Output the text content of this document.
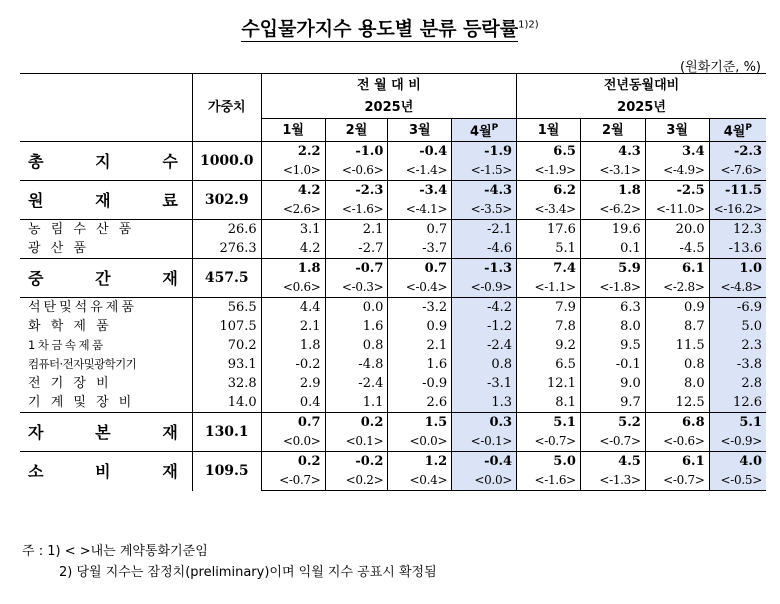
수입물가지수 용도별 분류 등락률$^{1)2)}$
(원화기준, %)
	가중치	전 월 대 비				전년동월대비			
		2025년				2025년			
		1월	2월	3월	4월$^P$	1월	2월	3월	4월$^P$

총 지 수	1000.0	2.2	-1.0	-0.4	-1.9	6.5	4.3	3.4	-2.3
		<1.0>	<-0.6>	<-1.4>	<-1.5>	<-1.9>	<-3.1>	<-4.9>	<-7.6>

원 재 료	302.9	4.2	-2.3	-3.4	-4.3	6.2	1.8	-2.5	-11.5
		<2.6>	<-1.6>	<-4.1>	<-3.5>	<-3.4>	<-6.2>	<-11.0>	<-16.2>
농 림 수 산 품	26.6	3.1	2.1	0.7	-2.1	17.6	19.6	20.0	12.3
광 산 품	276.3	4.2	-2.7	-3.7	-4.6	5.1	0.1	-4.5	-13.6

중 간 재	457.5	1.8	-0.7	0.7	-1.3	7.4	5.9	6.1	1.0
		<0.6>	<-0.3>	<-0.4>	<-0.9>	<-1.1>	<-1.8>	<-2.8>	<-4.8>
석탄및석유제품	56.5	4.4	0.0	-3.2	-4.2	7.9	6.3	0.9	-6.9
화 학 제 품	107.5	2.1	1.6	0.9	-1.2	7.8	8.0	8.7	5.0
1 차 금 속 제 품	70.2	1.8	0.8	2.1	-2.4	9.2	9.5	11.5	2.3
컴퓨터·전자및광학기기	93.1	-0.2	-4.8	1.6	0.8	6.5	-0.1	0.8	-3.8
전 기 장 비	32.8	2.9	-2.4	-0.9	-3.1	12.1	9.0	8.0	2.8
기 계 및 장 비	14.0	0.4	1.1	2.6	1.3	8.1	9.7	12.5	12.6

자 본 재	130.1	0.7	0.2	1.5	0.3	5.1	5.2	6.8	5.1
		<0.0>	<0.1>	<0.0>	<-0.1>	<-0.7>	<-0.7>	<-0.6>	<-0.9>

소 비 재	109.5	0.2	-0.2	1.2	-0.4	5.0	4.5	6.1	4.0
		<-0.7>	<0.2>	<0.4>	<0.0>	<-1.6>	<-1.3>	<-0.7>	<-0.5>
주 : 1) < >내는 계약통화기준임
2) 당월 지수는 잠정치(preliminary)이며 익월 지수 공표시 확정됨
